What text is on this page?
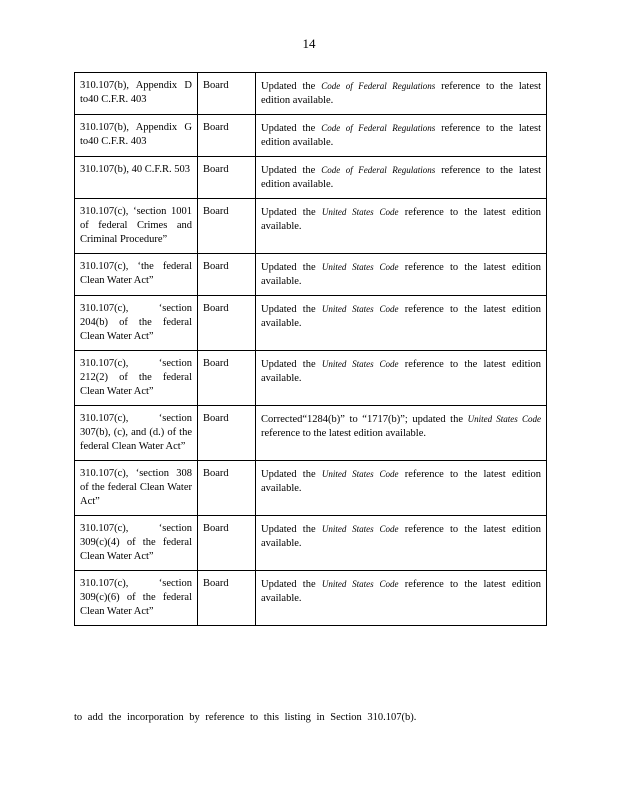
14
310.107(b), Appendix D to40 C.F.R. 403	Board	Updated the Code of Federal Regulations reference to the latest edition available.
310.107(b), Appendix G to40 C.F.R. 403	Board	Updated the Code of Federal Regulations reference to the latest edition available.
310.107(b), 40 C.F.R. 503	Board	Updated the Code of Federal Regulations reference to the latest edition available.
310.107(c), ‘section 1001 of federal Crimes and Criminal Procedure”	Board	Updated the United States Code reference to the latest edition available.
310.107(c), ‘the federal Clean Water Act”	Board	Updated the United States Code reference to the latest edition available.
310.107(c), ‘section 204(b) of the federal Clean Water Act”	Board	Updated the United States Code reference to the latest edition available.
310.107(c), ‘section 212(2) of the federal Clean Water Act”	Board	Updated the United States Code reference to the latest edition available.
310.107(c), ‘section 307(b), (c), and (d.) of the federal Clean Water Act”	Board	Corrected“1284(b)” to “1717(b)”; updated the United States Code reference to the latest edition available.
310.107(c), ‘section 308 of the federal Clean Water Act”	Board	Updated the United States Code reference to the latest edition available.
310.107(c), ‘section 309(c)(4) of the federal Clean Water Act”	Board	Updated the United States Code reference to the latest edition available.
310.107(c), ‘section 309(c)(6) of the federal Clean Water Act”	Board	Updated the United States Code reference to the latest edition available.
to add the incorporation by reference to this listing in Section 310.107(b).
